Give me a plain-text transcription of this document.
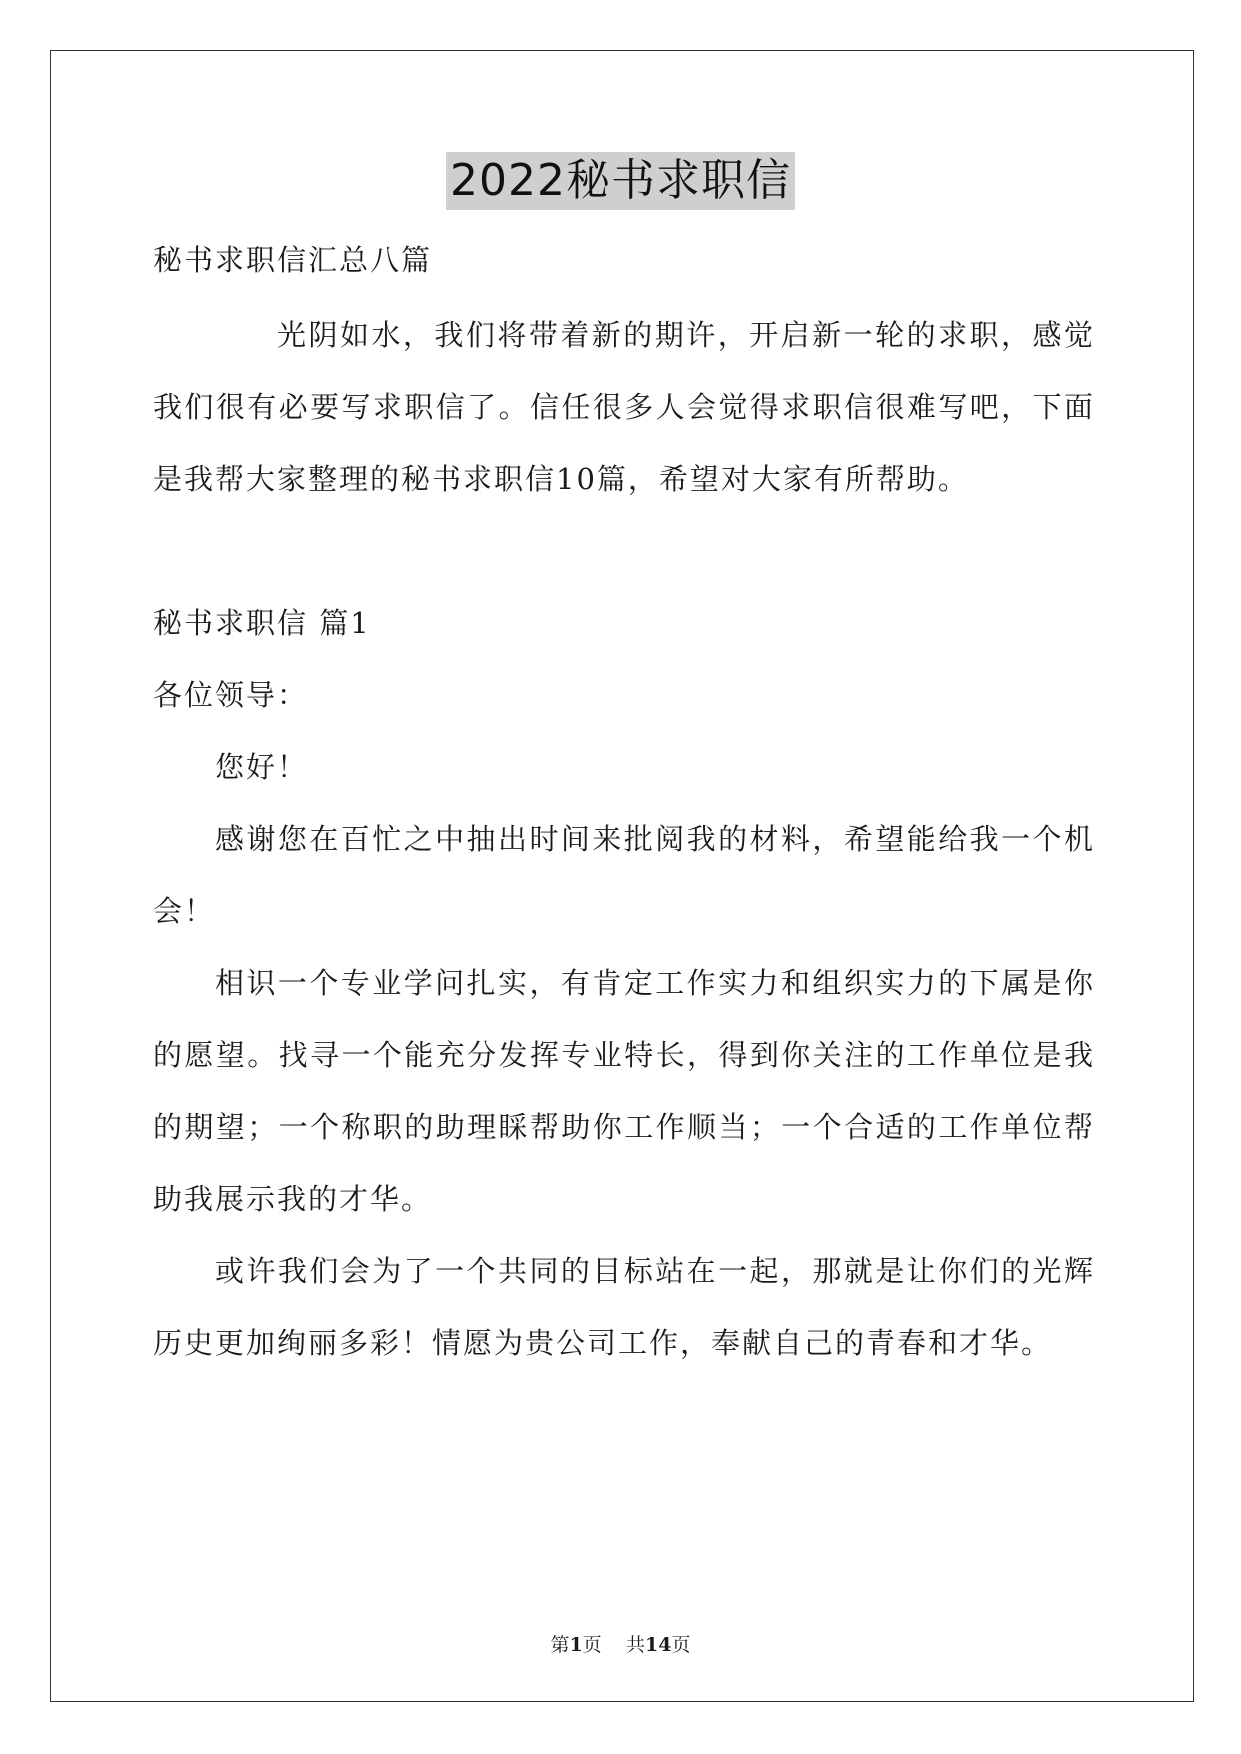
2022秘书求职信
秘书求职信汇总八篇
光阴如水，我们将带着新的期许，开启新一轮的求职，感觉
我们很有必要写求职信了。信任很多人会觉得求职信很难写吧，下面
是我帮大家整理的秘书求职信10篇，希望对大家有所帮助。
秘书求职信 篇1
各位领导：
您好！
感谢您在百忙之中抽出时间来批阅我的材料，希望能给我一个机
会！
相识一个专业学问扎实，有肯定工作实力和组织实力的下属是你
的愿望。找寻一个能充分发挥专业特长，得到你关注的工作单位是我
的期望；一个称职的助理睬帮助你工作顺当；一个合适的工作单位帮
助我展示我的才华。
或许我们会为了一个共同的目标站在一起，那就是让你们的光辉
历史更加绚丽多彩！情愿为贵公司工作，奉献自己的青春和才华。
第1页 共14页
